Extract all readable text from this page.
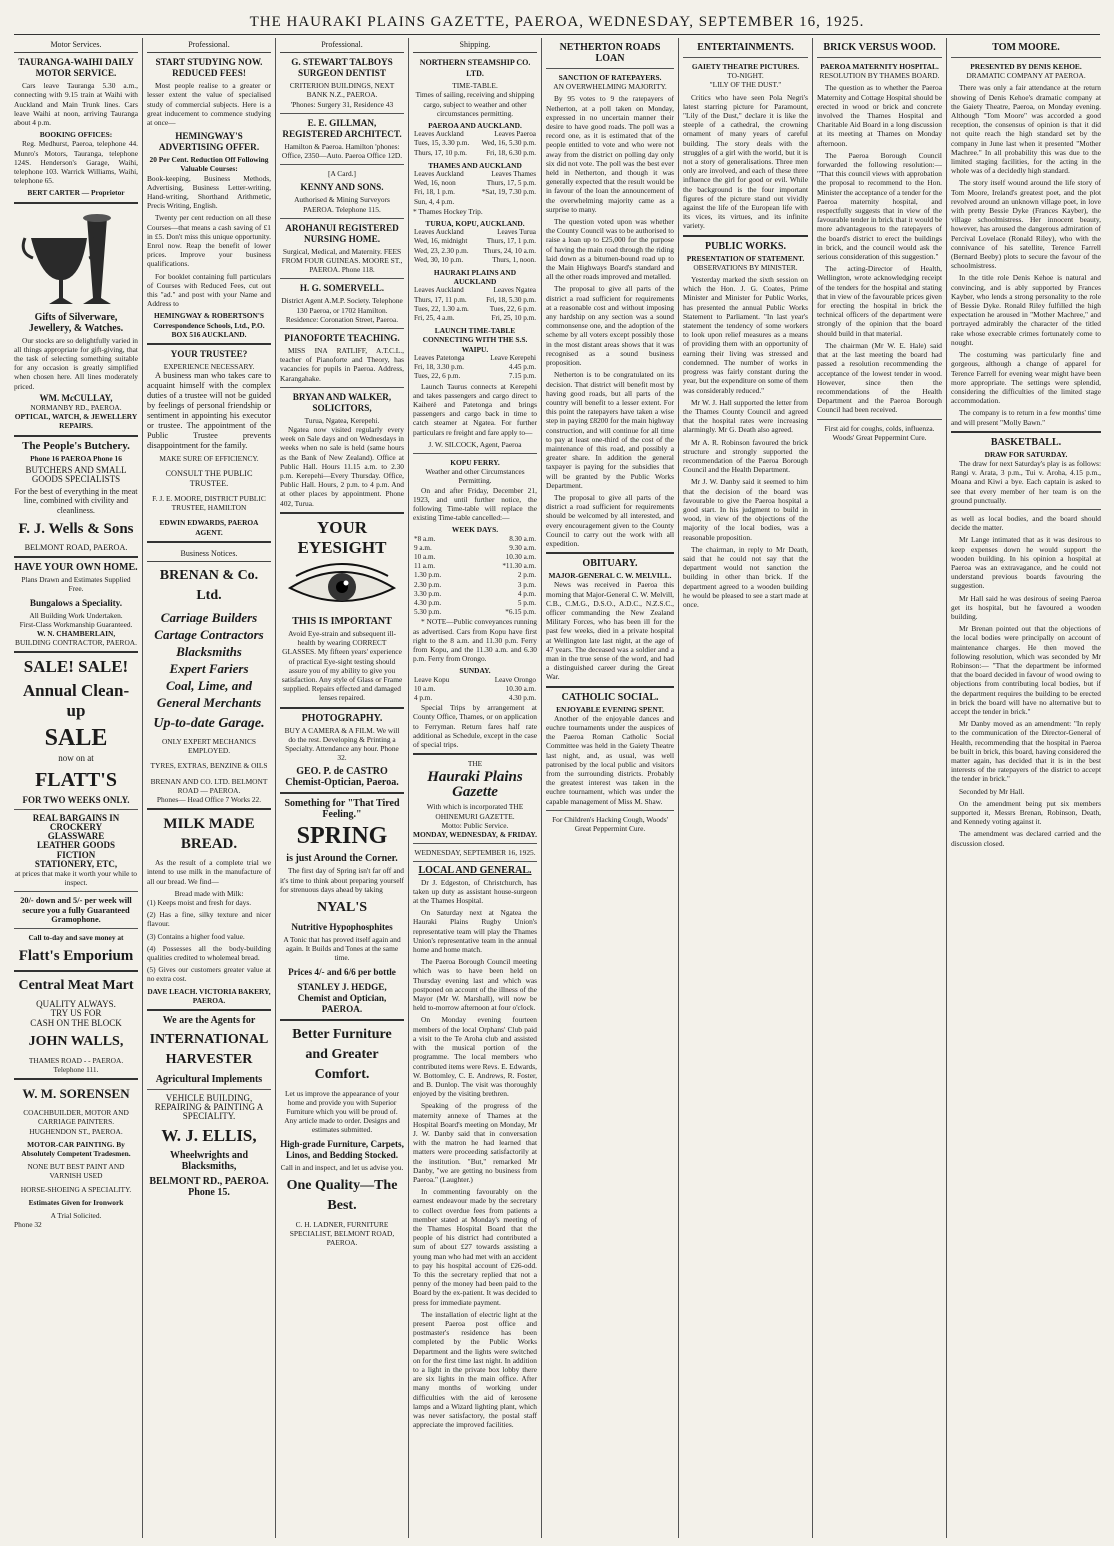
THE HAURAKI PLAINS GAZETTE, PAEROA, WEDNESDAY, SEPTEMBER 16, 1925.
Motor Services.
TAURANGA-WAIHI DAILY MOTOR SERVICE.

Cars leave Tauranga 5.30 a.m., connecting with 9.15 train at Waihi with Auckland and Main Trunk lines. Cars leave Waihi at noon, arriving Tauranga about 4 p.m.

BOOKING OFFICES:

Reg. Medhurst, Paeroa, telephone 44. Munro's Motors, Tauranga, telephone 124S. Henderson's Garage, Waihi, telephone 103. Warrick Williams, Waihi, telephone 65.

BERT CARTER — Proprietor
Gifts of Silverware, Jewellery, & Watches.

Our stocks are so delightfully varied in all things appropriate for gift-giving, that the task of selecting something suitable for any occasion is greatly simplified when chosen here. All lines moderately priced.

WM. McCULLAY,
NORMANBY RD., PAEROA.
OPTICAL, WATCH, & JEWELLERY REPAIRS.
The People's Butchery.
Phone 16 PAEROA Phone 16
BUTCHERS AND SMALL GOODS SPECIALISTS
For the best of everything in the meat line, combined with civility and cleanliness.
F. J. Wells & Sons
BELMONT ROAD, PAEROA.
HAVE YOUR OWN HOME.
Plans Drawn and Estimates Supplied Free.
Bungalows a Speciality.
All Building Work Undertaken.
First-Class Workmanship Guaranteed.
W. N. CHAMBERLAIN,
BUILDING CONTRACTOR, PAEROA.
SALE! SALE!
Annual Clean-up
SALE
now on at
FLATT'S
FOR TWO WEEKS ONLY.
REAL BARGAINS IN
CROCKERY
GLASSWARE
LEATHER GOODS
FICTION
STATIONERY, ETC,
at prices that make it worth your while to inspect.
20/- down and 5/- per week will secure you a fully Guaranteed Gramophone.
Call to-day and save money at
Flatt's Emporium
Central Meat Mart
QUALITY ALWAYS.
TRY US FOR
CASH ON THE BLOCK
JOHN WALLS,
THAMES ROAD - - PAEROA.
Telephone 111.
W. M. SORENSEN
COACHBUILDER, MOTOR AND CARRIAGE PAINTERS. HUGHENDON ST., PAEROA.
MOTOR-CAR PAINTING. By Absolutely Competent Tradesmen.
NONE BUT BEST PAINT AND VARNISH USED
HORSE-SHOEING A SPECIALITY.
Estimates Given for Ironwork
A Trial Solicited.
Phone 32
Professional.
START STUDYING NOW. REDUCED FEES!

Most people realise to a greater or lesser extent the value of specialised study of commercial subjects. Here is a great inducement to commence studying at once—

HEMINGWAY'S ADVERTISING OFFER.
20 Per Cent. Reduction Off Following Valuable Courses:

Book-keeping, Business Methods, Advertising, Business Letter-writing, Hand-writing, Shorthand Arithmetic, Precis Writing, English.

Twenty per cent reduction on all these Courses—that means a cash saving of £1 in £5. Don't miss this unique opportunity. Enrol now. Reap the benefit of lower prices. Improve your business qualifications.

For booklet containing full particulars of Courses with Reduced Fees, cut out this "ad." and post with your Name and Address to

HEMINGWAY & ROBERTSON'S Correspondence Schools, Ltd., P.O. BOX 516 AUCKLAND.
YOUR TRUSTEE?
EXPERIENCE NECESSARY.

A business man who takes care to acquaint himself with the complex duties of a trustee will not be guided by feelings of personal friendship or sentiment in appointing his executor or trustee. The appointment of the Public Trustee prevents disappointment for the family.

MAKE SURE OF EFFICIENCY.
CONSULT THE PUBLIC TRUSTEE.
F. J. E. MOORE, DISTRICT PUBLIC TRUSTEE, HAMILTON
EDWIN EDWARDS, PAEROA AGENT.
Business Notices.
BRENAN & Co. Ltd.
Carriage Builders
Cartage Contractors
Blacksmiths
Expert Fariers
Coal, Lime, and
General Merchants
Up-to-date Garage.
ONLY EXPERT MECHANICS EMPLOYED.
TYRES, EXTRAS, BENZINE & OILS
BRENAN AND CO. LTD. BELMONT ROAD — PAEROA.
Phones— Head Office 7 Works 22.
MILK MADE BREAD.

As the result of a complete trial we intend to use milk in the manufacture of all our bread. We find—

Bread made with Milk:

(1) Keeps moist and fresh for days.

(2) Has a fine, silky texture and nicer flavour.

(3) Contains a higher food value.

(4) Possesses all the body-building qualities credited to wholemeal bread.

(5) Gives our customers greater value at no extra cost.

DAVE LEACH. VICTORIA BAKERY, PAEROA.
We are the Agents for
INTERNATIONAL HARVESTER
Agricultural Implements
VEHICLE BUILDING, REPAIRING & PAINTING A SPECIALITY.
W. J. ELLIS,
Wheelwrights and Blacksmiths,
BELMONT RD., PAEROA. Phone 15.
Professional.
G. STEWART TALBOYS SURGEON DENTIST
CRITERION BUILDINGS, NEXT BANK N.Z., PAEROA.
'Phones: Surgery 31, Residence 43
E. E. GILLMAN, REGISTERED ARCHITECT.
Hamilton & Paeroa. Hamilton 'phones: Office, 2350—Auto. Paeroa Office 12D.
[A Card.]
KENNY AND SONS.
Authorised & Mining Surveyors PAEROA. Telephone 115.
AROHANUI REGISTERED NURSING HOME.
Surgical, Medical, and Maternity. FEES FROM FOUR GUINEAS. MOORE ST., PAEROA. Phone 118.
H. G. SOMERVELL.
District Agent A.M.P. Society. Telephone 130 Paeroa, or 1702 Hamilton. Residence: Coronation Street, Paeroa.
PIANOFORTE TEACHING.

MISS INA RATLIFF, A.T.C.L., teacher of Pianoforte and Theory, has vacancies for pupils in Paeroa. Address, Karangahake.

BRYAN AND WALKER, SOLICITORS,
Turua, Ngatea, Kerepehi.

Ngatea now visited regularly every week on Sale days and on Wednesdays in weeks when no sale is held (same hours as the Bank of New Zealand). Office at Public Hall. Hours 11.15 a.m. to 2.30 p.m. Kerepehi—Every Thursday. Office, Public Hall. Hours, 2 p.m. to 4 p.m. And at other places by appointment. Phone 402, Turua.

YOUR EYESIGHT
THIS IS IMPORTANT
Avoid Eye-strain and subsequent ill-health by wearing CORRECT GLASSES. My fifteen years' experience of practical Eye-sight testing should assure you of my ability to give you satisfaction. Any style of Glass or Frame supplied. Repairs effected and damaged lenses repaired.
PHOTOGRAPHY.
BUY A CAMERA & A FILM. We will do the rest. Developing & Printing a Specialty. Attendance any hour. Phone 32.
GEO. P. de CASTRO Chemist-Optician, Paeroa.
Something for "That Tired Feeling."
SPRING
is just Around the Corner.

The first day of Spring isn't far off and it's time to think about preparing yourself for strenuous days ahead by taking

NYAL'S
Nutritive Hypophosphites
A Tonic that has proved itself again and again. It Builds and Tones at the same time.
Prices 4/- and 6/6 per bottle
STANLEY J. HEDGE, Chemist and Optician, PAEROA.
Better Furniture and Greater Comfort.
Let us improve the appearance of your home and provide you with Superior Furniture which you will be proud of. Any article made to order. Designs and estimates submitted.
High-grade Furniture, Carpets, Linos, and Bedding Stocked.
Call in and inspect, and let us advise you.
One Quality—The Best.
C. H. LADNER, FURNITURE SPECIALIST, BELMONT ROAD, PAEROA.
Shipping.
NORTHERN STEAMSHIP CO. LTD.
TIME-TABLE.
Times of sailing, receiving and shipping cargo, subject to weather and other circumstances permitting.
PAEROA AND AUCKLAND.
Leaves Auckland	Leaves Paeroa
Tues, 15, 3.30 p.m.	Wed, 16, 5.30 p.m.
Thurs, 17, 10 p.m.	Fri, 18, 6.30 p.m.
THAMES AND AUCKLAND
Leaves Auckland	Leaves Thames
Wed, 16, noon	Thurs, 17, 5 p.m.
Fri, 18, 1 p.m.	*Sat, 19, 7.30 p.m.
Sun, 4, 4 p.m.	
* Thames Hockey Trip.
TURUA, KOPU, AUCKLAND.
Leaves Auckland	Leaves Turua
Wed, 16, midnight	Thurs, 17, 1 p.m.
Wed, 23, 2.30 p.m.	Thurs, 24, 10 a.m.
Wed, 30, 10 p.m.	Thurs, 1, noon.
HAURAKI PLAINS AND AUCKLAND
Leaves Auckland	Leaves Ngatea
Thurs, 17, 11 p.m.	Fri, 18, 5.30 p.m.
Tues, 22, 1.30 a.m.	Tues, 22, 6 p.m.
Fri, 25, 4 a.m.	Fri, 25, 10 p.m.
LAUNCH TIME-TABLE CONNECTING WITH THE S.S. WAIPU.
Leaves Patetonga	Leave Kerepehi
Fri, 18, 3.30 p.m.	4.45 p.m.
Tues, 22, 6 p.m.	7.15 p.m.

Launch Taurus connects at Kerepehi and takes passengers and cargo direct to Kaiheré and Patetonga and brings passengers and cargo back in time to catch steamer at Ngatea. For further particulars re freight and fare apply to—

J. W. SILCOCK, Agent, Paeroa
KOPU FERRY.
Weather and other Circumstances Permitting.

On and after Friday, December 21, 1923, and until further notice, the following Time-table will replace the existing Time-table cancelled:—

WEEK DAYS.
*8 a.m.	8.30 a.m.
9 a.m.	9.30 a.m.
10 a.m.	10.30 a.m.
11 a.m.	*11.30 a.m.
1.30 p.m.	2 p.m.
2.30 p.m.	3 p.m.
3.30 p.m.	4 p.m.
4.30 p.m.	5 p.m.
5.30 p.m.	*6.15 p.m.

* NOTE—Public conveyances running as advertised. Cars from Kopu have first right to the 8 a.m. and 11.30 p.m. Ferry from Kopu, and the 11.30 a.m. and 6.30 p.m. Ferry from Orongo.

SUNDAY.
Leave Kopu	Leave Orongo
10 a.m.	10.30 a.m.
4 p.m.	4.30 p.m.

Special Trips by arrangement at County Office, Thames, or on application to Ferryman. Return fares half rate additional as Schedule, except in the case of special trips.

THE
Hauraki Plains Gazette
With which is incorporated THE OHINEMURI GAZETTE.
Motto: Public Service.
MONDAY, WEDNESDAY, & FRIDAY.
WEDNESDAY, SEPTEMBER 16, 1925.
LOCAL AND GENERAL.

Dr J. Edgeston, of Christchurch, has taken up duty as assistant house-surgeon at the Thames Hospital.

On Saturday next at Ngatea the Hauraki Plains Rugby Union's representative team will play the Thames Union's representative team in the annual home and home match.

The Paeroa Borough Council meeting which was to have been held on Thursday evening last and which was postponed on account of the illness of the Mayor (Mr W. Marshall), will now be held to-morrow afternoon at four o'clock.

On Monday evening fourteen members of the local Orphans' Club paid a visit to the Te Aroha club and assisted with the musical portion of the programme. The local members who contributed items were Revs. E. Edwards, W. Bottomley, C. E. Andrews, R. Foster, and B. Dunlop. The visit was thoroughly enjoyed by the visiting brethren.

Speaking of the progress of the maternity annexe of Thames at the Hospital Board's meeting on Monday, Mr J. W. Danby said that in conversation with the matron he had learned that matters were proceeding satisfactorily at the institution. "But," remarked Mr Danby, "we are getting no business from Paeroa." (Laughter.)

In commenting favourably on the earnest endeavour made by the secretary to collect overdue fees from patients a member stated at Monday's meeting of the Thames Hospital Board that the people of his district had contributed a sum of about £27 towards assisting a young man who had met with an accident to pay his hospital account of £26-odd. To this the secretary replied that not a penny of the money had been paid to the Board by the ex-patient. It was decided to press for immediate payment.

The installation of electric light at the present Paeroa post office and postmaster's residence has been completed by the Public Works Department and the lights were switched on for the first time last night. In addition to a light in the private box lobby there are six lights in the main office. After many months of working under difficulties with the aid of kerosene lamps and a Wizard lighting plant, which was never satisfactory, the postal staff appreciate the improved facilities.

NETHERTON ROADS LOAN
SANCTION OF RATEPAYERS.
AN OVERWHELMING MAJORITY.

By 95 votes to 9 the ratepayers of Netherton, at a poll taken on Monday, expressed in no uncertain manner their desire to have good roads. The poll was a record one, as it is estimated that of the people entitled to vote and who were not away from the district on polling day only six did not vote. The poll was the best ever held in Netherton, and though it was generally expected that the result would be in favour of the loan the announcement of the overwhelming majority came as a surprise to many.

The question voted upon was whether the County Council was to be authorised to raise a loan up to £25,000 for the purpose of having the main road through the riding laid down as a bitumen-bound road up to the Main Highways Board's standard and all the other roads improved and metalled.

The proposal to give all parts of the district a road sufficient for requirements at a reasonable cost and without imposing any hardship on any section was a sound commonsense one, and the adoption of the scheme by all voters except possibly those in the most distant areas shows that it was recognised as a sound business proposition.

Netherton is to be congratulated on its decision. That district will benefit most by having good roads, but all parts of the country will benefit to a lesser extent. For this point the ratepayers have taken a wise step in paying £8200 for the main highway construction, and will continue for all time to pay at least one-third of the cost of the maintenance of this road, and possibly a greater share. In addition the general taxpayer is paying for the subsidies that will be granted by the Public Works Department.

The proposal to give all parts of the district a road sufficient for requirements should be welcomed by all interested, and every encouragement given to the County Council to carry out the work with all expedition.

OBITUARY.
MAJOR-GENERAL C. W. MELVILL.

News was received in Paeroa this morning that Major-General C. W. Melvill, C.B., C.M.G., D.S.O., A.D.C., N.Z.S.C., officer commanding the New Zealand Military Forces, who has been ill for the past few weeks, died in a private hospital at Wellington late last night, at the age of 47 years. The deceased was a soldier and a man in the true sense of the word, and had a distinguished career during the Great War.

CATHOLIC SOCIAL.
ENJOYABLE EVENING SPENT.

Another of the enjoyable dances and euchre tournaments under the auspices of the Paeroa Roman Catholic Social Committee was held in the Gaiety Theatre last night, and, as usual, was well patronised by the local public and visitors from the surrounding districts. Probably the greatest interest was taken in the euchre tournament, which was under the capable management of Miss M. Shaw.

For Children's Hacking Cough, Woods' Great Peppermint Cure.
ENTERTAINMENTS.
GAIETY THEATRE PICTURES.
TO-NIGHT.
"LILY OF THE DUST."

Critics who have seen Pola Negri's latest starring picture for Paramount, "Lily of the Dust," declare it is like the steeple of a cathedral, the crowning ornament of many years of careful building. The story deals with the struggles of a girl with the world, but it is not a story of generalisations. Three men only are involved, and each of these three influence the girl for good or evil. While the background is the four important figures of the picture stand out vividly against the life of the European life with its vices, its virtues, and its infinite variety.

PUBLIC WORKS.
PRESENTATION OF STATEMENT.
OBSERVATIONS BY MINISTER.

Yesterday marked the sixth session on which the Hon. J. G. Coates, Prime Minister and Minister for Public Works, has presented the annual Public Works Statement to Parliament. "In last year's statement the tendency of some workers to look upon relief measures as a means of providing them with an opportunity of earning their living was stressed and condemned. The number of works in progress was fairly constant during the year, but the expenditure on some of them was considerably reduced."

Mr W. J. Hall supported the letter from the Thames County Council and agreed that the hospital rates were increasing alarmingly. Mr G. Death also agreed.

Mr A. R. Robinson favoured the brick structure and strongly supported the recommendation of the Paeroa Borough Council and the Health Department.

Mr J. W. Danby said it seemed to him that the decision of the board was favourable to give the Paeroa hospital a good start. In his judgment to build in wood, in view of the objections of the majority of the local bodies, was a reasonable proposition.

The chairman, in reply to Mr Death, said that he could not say that the department would not sanction the building in other than brick. If the department agreed to a wooden building he would be pleased to see a start made at once.

BRICK VERSUS WOOD.
PAEROA MATERNITY HOSPITAL.
RESOLUTION BY THAMES BOARD.

The question as to whether the Paeroa Maternity and Cottage Hospital should be erected in wood or brick and concrete involved the Thames Hospital and Charitable Aid Board in a long discussion at its meeting at Thames on Monday afternoon.

The Paeroa Borough Council forwarded the following resolution:— "That this council views with approbation the proposal to recommend to the Hon. Minister the acceptance of a tender for the Paeroa maternity hospital, and respectfully suggests that in view of the favourable tender in brick that it would be more advantageous to the ratepayers of the board's district to erect the buildings in brick, and the council would ask the serious consideration of this suggestion."

The acting-Director of Health, Wellington, wrote acknowledging receipt of the tenders for the hospital and stating that in view of the favourable prices given for erecting the hospital in brick the technical officers of the department were strongly of the opinion that the board should build in that material.

The chairman (Mr W. E. Hale) said that at the last meeting the board had passed a resolution recommending the acceptance of the lowest tender in wood. However, since then the recommendations of the Health Department and the Paeroa Borough Council had been received.

First aid for coughs, colds, influenza. Woods' Great Peppermint Cure.
TOM MOORE.
PRESENTED BY DENIS KEHOE.
DRAMATIC COMPANY AT PAEROA.

There was only a fair attendance at the return showing of Denis Kehoe's dramatic company at the Gaiety Theatre, Paeroa, on Monday evening. Although "Tom Moore" was accorded a good reception, the consensus of opinion is that it did not quite reach the high standard set by the company in June last when it presented "Mother Machree." In all probability this was due to the limited staging facilities, for the acting in the whole was of a decidedly high standard.

The story itself wound around the life story of Tom Moore, Ireland's greatest poet, and the plot revolved around an unknown village poet, in love with pretty Bessie Dyke (Frances Kayber), the village schoolmistress. Her innocent beauty, however, has aroused the dangerous admiration of Percival Lovelace (Ronald Riley), who with the connivance of his satellite, Terence Farrell (Bernard Beeby) plots to secure the favour of the schoolmistress.

In the title role Denis Kehoe is natural and convincing, and is ably supported by Frances Kayber, who lends a strong personality to the role of Bessie Dyke. Ronald Riley fulfilled the high expectation he aroused in "Mother Machree," and portrayed admirably the character of the titled rake whose execrable crimes fortunately come to nought.

The costuming was particularly fine and gorgeous, although a change of apparel for Terence Farrell for evening wear might have been more appropriate. The settings were splendid, considering the difficulties of the limited stage accommodation.

The company is to return in a few months' time and will present "Molly Bawn."

BASKETBALL.
DRAW FOR SATURDAY.

The draw for next Saturday's play is as follows: Rangi v. Arata, 3 p.m., Tui v. Aroha, 4.15 p.m., Moana and Kiwi a bye. Each captain is asked to see that every member of her team is on the ground punctually.

as well as local bodies, and the board should decide the matter.

Mr Lange intimated that as it was desirous to keep expenses down he would support the wooden building. In his opinion a hospital at Paeroa was an extravagance, and he could not understand previous boards favouring the suggestion.

Mr Hall said he was desirous of seeing Paeroa get its hospital, but he favoured a wooden building.

Mr Brenan pointed out that the objections of the local bodies were principally on account of maintenance charges. He then moved the following resolution, which was seconded by Mr Robinson:— "That the department be informed that the board decided in favour of wood owing to objections from contributing local bodies, but if the department requires the building to be erected in brick the board will have no alternative but to accept the tender in brick."

Mr Danby moved as an amendment: "In reply to the communication of the Director-General of Health, recommending that the hospital in Paeroa be built in brick, this board, having considered the matter again, has decided that it is in the best interests of the ratepayers of the district to accept the tender in brick."

Seconded by Mr Hall.

On the amendment being put six members supported it, Messrs Brenan, Robinson, Death, and Kennedy voting against it.

The amendment was declared carried and the discussion closed.
